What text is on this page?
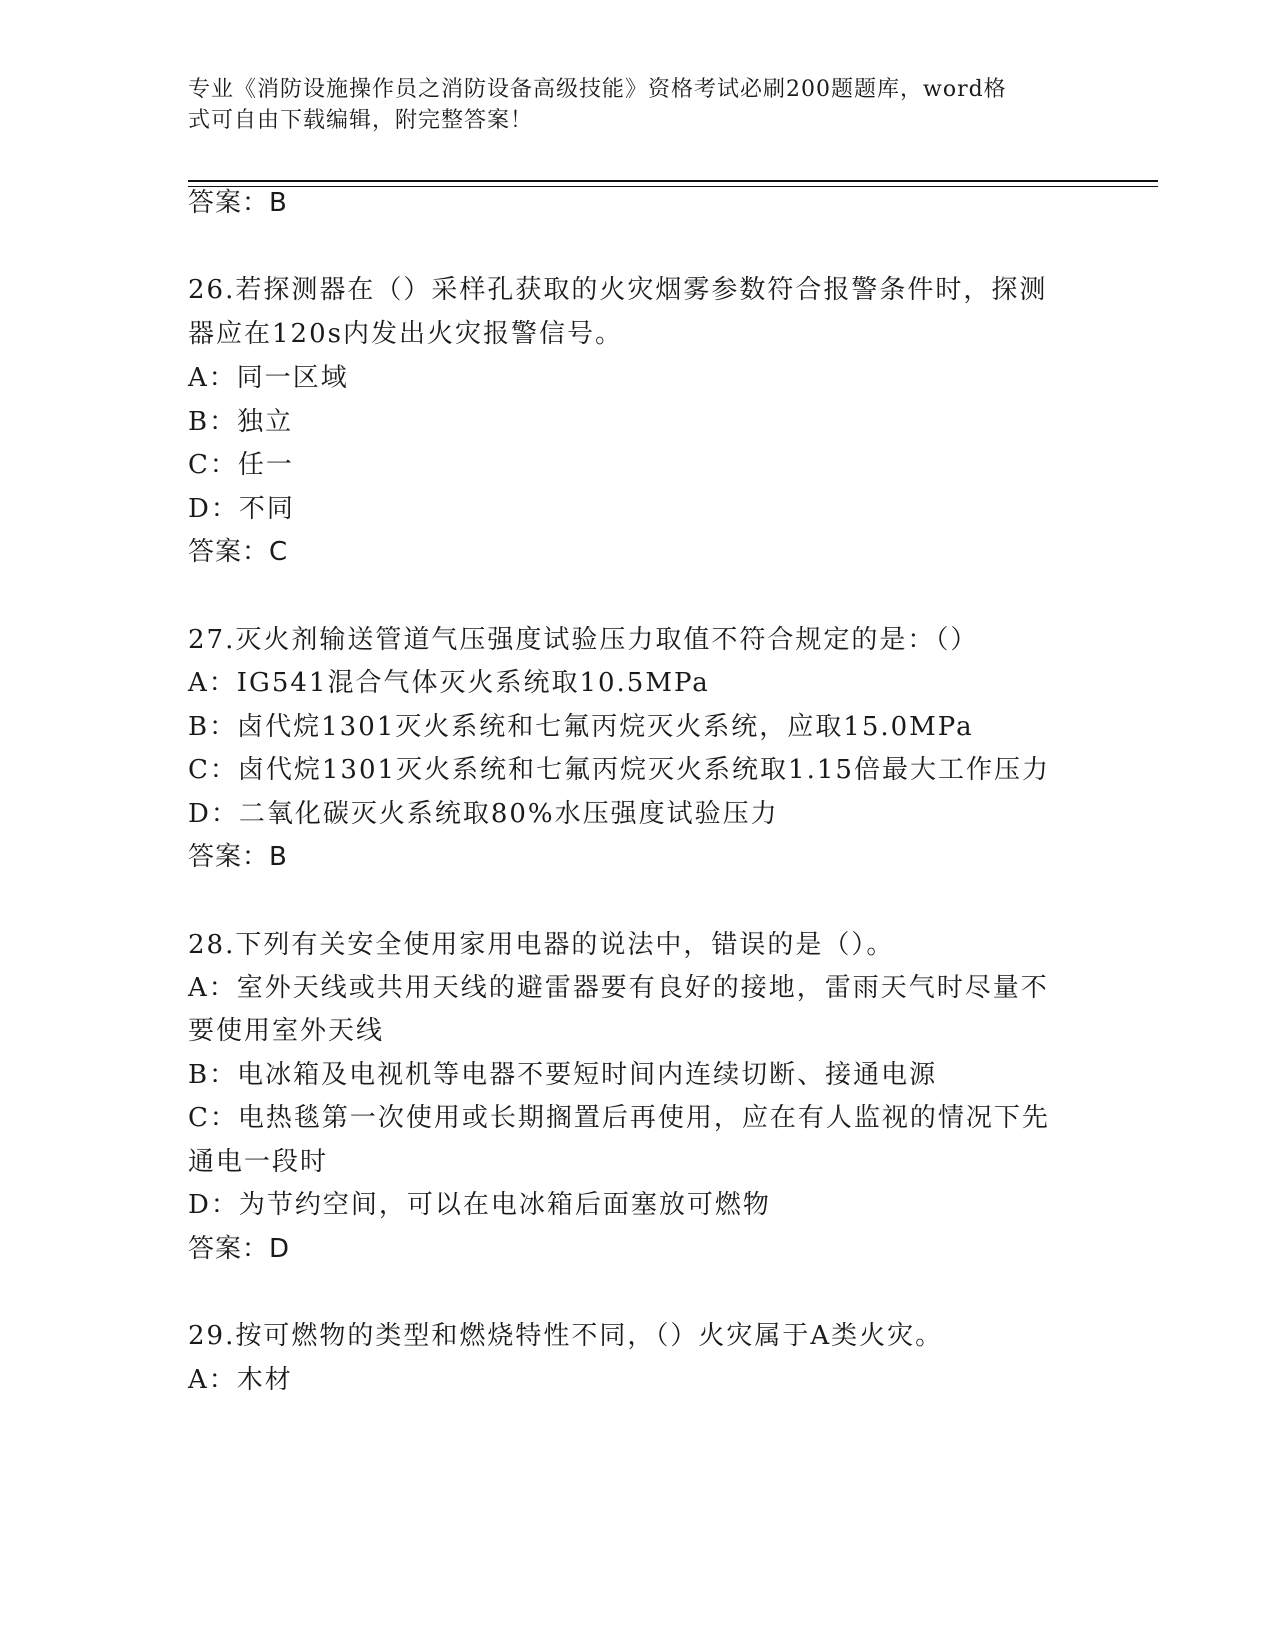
专业《消防设施操作员之消防设备高级技能》资格考试必刷200题题库，word格
式可自由下载编辑，附完整答案！
答案：B
26.若探测器在（）采样孔获取的火灾烟雾参数符合报警条件时，探测
器应在120s内发出火灾报警信号。
A：同一区域
B：独立
C：任一
D：不同
答案：C
27.灭火剂输送管道气压强度试验压力取值不符合规定的是：（）
A：IG541混合气体灭火系统取10.5MPa
B：卤代烷1301灭火系统和七氟丙烷灭火系统，应取15.0MPa
C：卤代烷1301灭火系统和七氟丙烷灭火系统取1.15倍最大工作压力
D：二氧化碳灭火系统取80%水压强度试验压力
答案：B
28.下列有关安全使用家用电器的说法中，错误的是（）。
A：室外天线或共用天线的避雷器要有良好的接地，雷雨天气时尽量不
要使用室外天线
B：电冰箱及电视机等电器不要短时间内连续切断、接通电源
C：电热毯第一次使用或长期搁置后再使用，应在有人监视的情况下先
通电一段时
D：为节约空间，可以在电冰箱后面塞放可燃物
答案：D
29.按可燃物的类型和燃烧特性不同，（）火灾属于A类火灾。
A：木材
